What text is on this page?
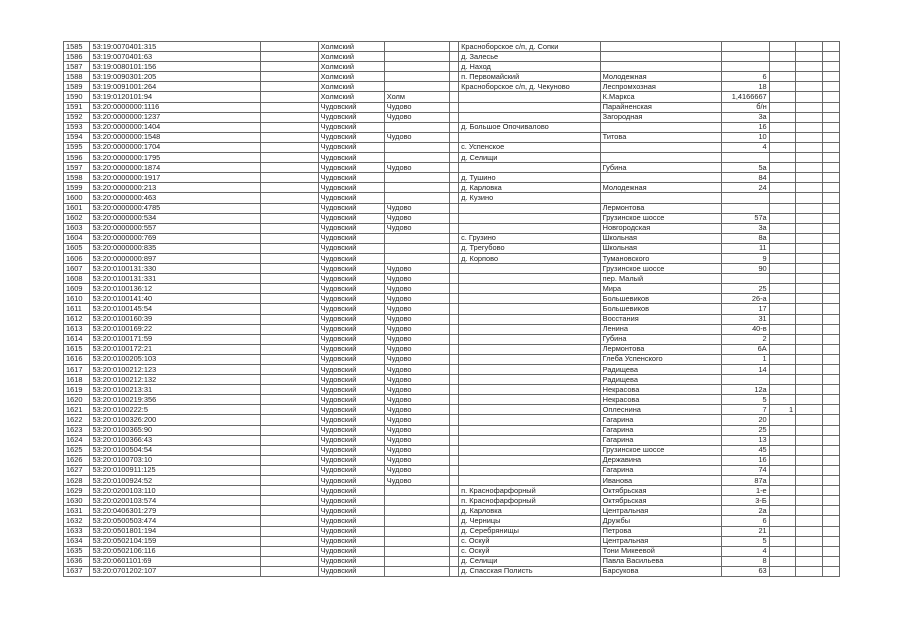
1585	53:19:0070401:315		Холмский			Красноборское с/п, д. Сопки					
1586	53:19:0070401:63		Холмский			д. Залесье					
1587	53:19:0080101:156		Холмский			д. Наход					
1588	53:19:0090301:205		Холмский			п. Первомайский	Молодежная	6			
1589	53:19:0091001:264		Холмский			Красноборское с/п, д. Чекуново	Леспромхозная	18			
1590	53:19:0120101:94		Холмский	Холм			К.Маркса	1,4166667			
1591	53:20:0000000:1116		Чудовский	Чудово			Парайненская	б/н			
1592	53:20:0000000:1237		Чудовский	Чудово			Загородная	3а			
1593	53:20:0000000:1404		Чудовский			д. Большое Опочивалово		16			
1594	53:20:0000000:1548		Чудовский	Чудово			Титова	10			
1595	53:20:0000000:1704		Чудовский			с. Успенское		4			
1596	53:20:0000000:1795		Чудовский			д. Селищи					
1597	53:20:0000000:1874		Чудовский	Чудово			Губина	5а			
1598	53:20:0000000:1917		Чудовский			д. Тушино		84			
1599	53:20:0000000:213		Чудовский			д. Карловка	Молодежная	24			
1600	53:20:0000000:463		Чудовский			д. Кузино					
1601	53:20:0000000:4785		Чудовский	Чудово			Лермонтова				
1602	53:20:0000000:534		Чудовский	Чудово			Грузинское шоссе	57а			
1603	53:20:0000000:557		Чудовский	Чудово			Новгородская	3а			
1604	53:20:0000000:769		Чудовский			с. Грузино	Школьная	8а			
1605	53:20:0000000:835		Чудовский			д. Трегубово	Школьная	11			
1606	53:20:0000000:897		Чудовский			д. Корпово	Тумановского	9			
1607	53:20:0100131:330		Чудовский	Чудово			Грузинское шоссе	90			
1608	53:20:0100131:331		Чудовский	Чудово			пер. Малый				
1609	53:20:0100136:12		Чудовский	Чудово			Мира	25			
1610	53:20:0100141:40		Чудовский	Чудово			Большевиков	26-а			
1611	53:20:0100145:54		Чудовский	Чудово			Большевиков	17			
1612	53:20:0100160:39		Чудовский	Чудово			Восстания	31			
1613	53:20:0100169:22		Чудовский	Чудово			Ленина	40-в			
1614	53:20:0100171:59		Чудовский	Чудово			Губина	2			
1615	53:20:0100172:21		Чудовский	Чудово			Лермонтова	6А			
1616	53:20:0100205:103		Чудовский	Чудово			Глеба Успенского	1			
1617	53:20:0100212:123		Чудовский	Чудово			Радищева	14			
1618	53:20:0100212:132		Чудовский	Чудово			Радищева				
1619	53:20:0100213:31		Чудовский	Чудово			Некрасова	12а			
1620	53:20:0100219:356		Чудовский	Чудово			Некрасова	5			
1621	53:20:0100222:5		Чудовский	Чудово			Оплеснина	7	1		
1622	53:20:0100326:200		Чудовский	Чудово			Гагарина	20			
1623	53:20:0100365:90		Чудовский	Чудово			Гагарина	25			
1624	53:20:0100366:43		Чудовский	Чудово			Гагарина	13			
1625	53:20:0100504:54		Чудовский	Чудово			Грузинское шоссе	45			
1626	53:20:0100703:10		Чудовский	Чудово			Державина	16			
1627	53:20:0100911:125		Чудовский	Чудово			Гагарина	74			
1628	53:20:0100924:52		Чудовский	Чудово			Иванова	87а			
1629	53:20:0200103:110		Чудовский			п. Краснофарфорный	Октябрьская	1-е			
1630	53:20:0200103:574		Чудовский			п. Краснофарфорный	Октябрьская	3-Б			
1631	53:20:0406301:279		Чудовский			д. Карловка	Центральная	2а			
1632	53:20:0500503:474		Чудовский			д. Черницы	Дружбы	6			
1633	53:20:0501801:194		Чудовский			д. Серебрянищы	Петрова	21			
1634	53:20:0502104:159		Чудовский			с. Оскуй	Центральная	5			
1635	53:20:0502106:116		Чудовский			с. Оскуй	Тони Микеевой	4			
1636	53:20:0601101:69		Чудовский			д. Селищи	Павла Васильева	8			
1637	53:20:0701202:107		Чудовский			д. Спасская Полисть	Барсукова	63			
